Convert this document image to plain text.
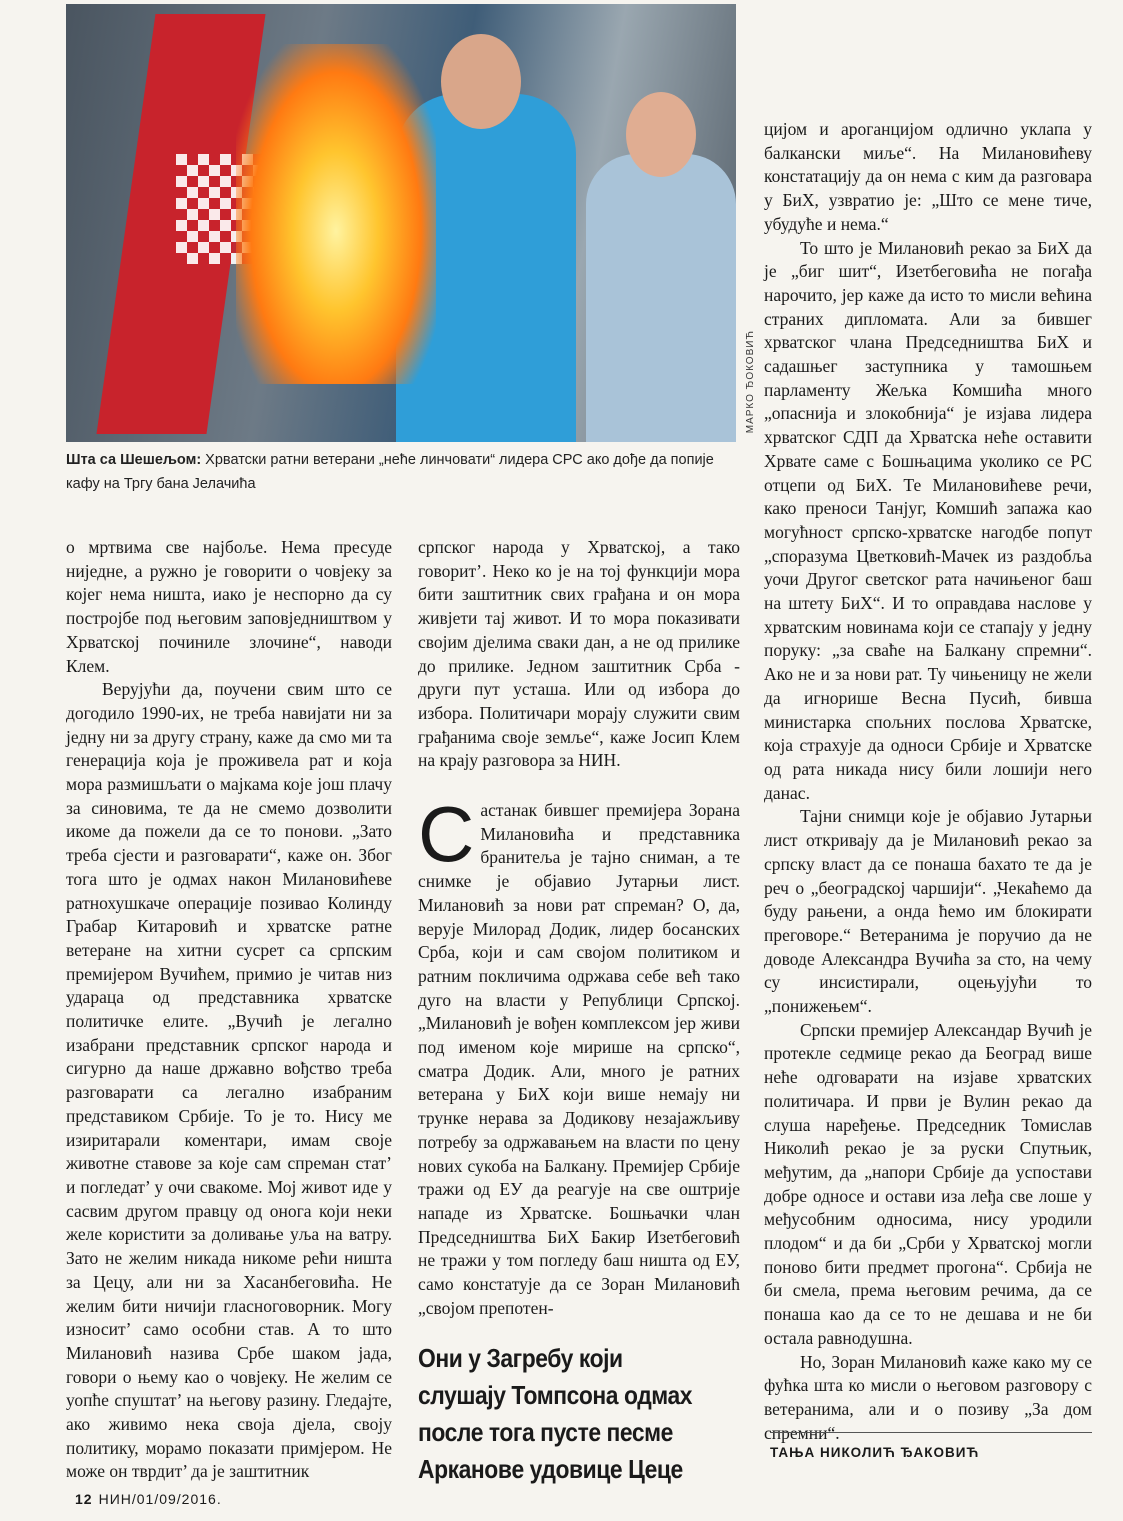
МАРКО ЂОКОВИЋ
Шта са Шешељом: Хрватски ратни ветерани „неће линчовати“ лидера СРС ако дође да попије кафу на Тргу бана Јелачића

о мртвима све најбоље. Нема пресуде ниједне, а ружно је говорити о човјеку за којег нема ништа, иако је неспорно да су постројбе под његовим заповједништвом у Хрватској починиле злочине“, наводи Клем.

Верујући да, поучени свим што се догодило 1990-их, не треба навијати ни за једну ни за другу страну, каже да смо ми та генерација која је проживела рат и која мора размишљати о мајкама које још плачу за синовима, те да не смемо дозволити икоме да пожели да се то понови. „Зато треба сјести и разговарати“, каже он. Због тога што је одмах након Милановићеве ратнохушкаче операције позивао Колинду Грабар Китаровић и хрватске ратне ветеране на хитни сусрет са српским премијером Вучићем, примио је читав низ удараца од представника хрватске политичке елите. „Вучић је легално изабрани представник српског народа и сигурно да наше државно вођство треба разговарати са легално изабраним представиком Србије. То је то. Нису ме изиритарали коментари, имам своје животне ставове за које сам спреман стат’ и погледат’ у очи свакоме. Мој живот иде у сасвим другом правцу од онога који неки желе користити за доливање уља на ватру. Зато не желим никада никоме рећи ништа за Цецу, али ни за Хасанбеговића. Не желим бити ничији гласноговорник. Могу износит’ само особни став. А то што Милановић назива Србе шаком јада, говори о њему као о човјеку. Не желим се уопће спуштат’ на његову разину. Гледајте, ако живимо нека своја дјела, своју политику, морамо показати примјером. Не може он тврдит’ да је заштитник

српског народа у Хрватској, а тако говорит’. Неко ко је на тој функцији мора бити заштитник свих грађана и он мора живјети тај живот. И то мора показивати својим дјелима сваки дан, а не од прилике до прилике. Једном заштитник Срба - други пут усташа. Или од избора до избора. Политичари морају служити свим грађанима своје земље“, каже Јосип Клем на крају разговора за НИН.

Састанак бившег премијера Зорана Милановића и представника бранитеља је тајно сниман, а те снимке је објавио Јутарњи лист. Милановић за нови рат спреман? О, да, верује Милорад Додик, лидер босанских Срба, који и сам својом политиком и ратним покличима одржава себе већ тако дуго на власти у Републици Српској. „Милановић је вођен комплексом јер живи под именом које мирише на српско“, сматра Додик. Али, много је ратних ветерана у БиХ који више немају ни трунке нерава за Додикову незајажљиву потребу за одржавањем на власти по цену нових сукоба на Балкану. Премијер Србије тражи од ЕУ да реагује на све оштрије нападе из Хрватске. Бошњачки члан Председништва БиХ Бакир Изетбеговић не тражи у том погледу баш ништа од ЕУ, само констатује да се Зоран Милановић „својом препотен-

Они у Загребу који слушају Томпсона одмах после тога пусте песме Аркановe удовице Цеце

цијом и ароганцијом одлично уклапа у балкански миље“. На Милановићеву констатацију да он нема с ким да разговара у БиХ, узвратио је: „Што се мене тиче, убудуће и нема.“

То што је Милановић рекао за БиХ да је „биг шит“, Изетбеговића не погађа нарочито, јер каже да исто то мисли већина страних дипломата. Али за бившег хрватског члана Председништва БиХ и садашњег заступника у тамошњем парламенту Жељка Комшића много „опаснија и злокобнија“ је изјава лидера хрватског СДП да Хрватска неће оставити Хрвате саме с Бошњацима уколико се РС отцепи од БиХ. Те Милановићеве речи, како преноси Танјуг, Комшић запажа као могућност српско-хрватске нагодбе попут „споразума Цветковић-Мачек из раздобља уочи Другог светског рата начињеног баш на штету БиХ“. И то оправдава наслове у хрватским новинама који се стапају у једну поруку: „за сваће на Балкану спремни“. Ако не и за нови рат. Ту чињеницу не жели да игнорише Весна Пусић, бивша министарка спољних послова Хрватске, која страхује да односи Србије и Хрватске од рата никада нису били лошији него данас.

Тајни снимци које је објавио Јутарњи лист откривају да је Милановић рекао за српску власт да се понаша бахато те да је реч о „београдској чаршији“. „Чекаћемо да буду рањени, а онда ћемо им блокирати преговоре.“ Ветеранима је поручио да не доводе Александра Вучића за сто, на чему су инсистирали, оцењујући то „понижењем“.

Српски премијер Александар Вучић је протекле седмице рекао да Београд више неће одговарати на изјаве хрватских политичара. И први је Вулин рекао да слуша наређење. Председник Томислав Николић рекао је за руски Спутњик, међутим, да „напори Србије да успостави добре односе и остави иза леђа све лоше у међусобним односима, нису уродили плодом“ и да би „Срби у Хрватској могли поново бити предмет прогона“. Србија не би смела, према његовим речима, да се понаша као да се то не дешава и не би остала равнодушна.

Но, Зоран Милановић каже како му се фућка шта ко мисли о његовом разговору с ветеранима, али и о позиву „За дом спремни“.

ТАЊА НИКОЛИЋ ЂАКОВИЋ
12 НИН/01/09/2016.
